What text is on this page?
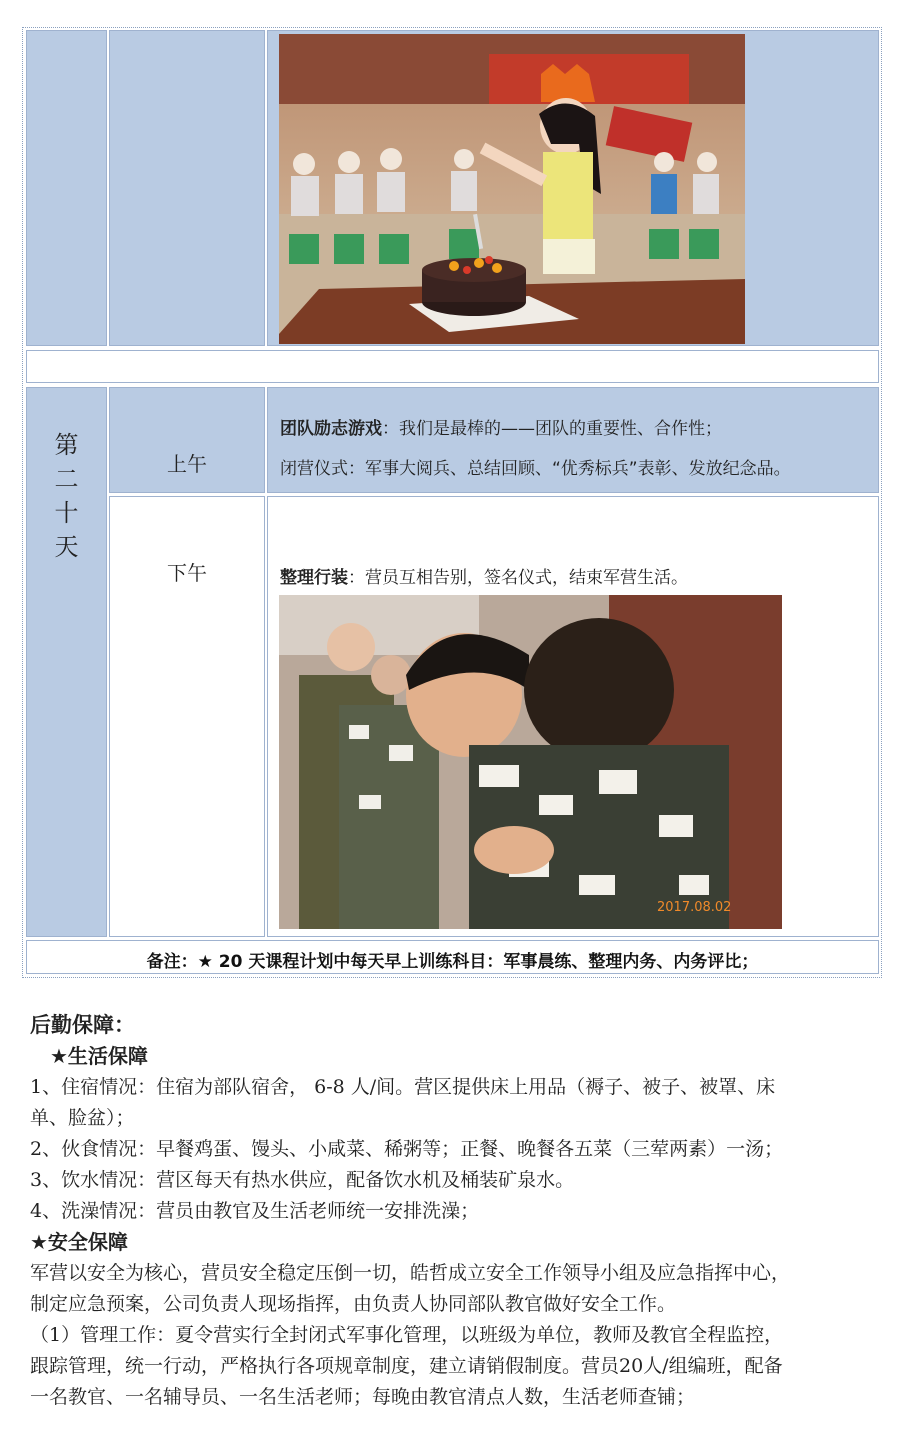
第
二
十
天
上午
团队励志游戏：我们是最棒的——团队的重要性、合作性；
闭营仪式：军事大阅兵、总结回顾、“优秀标兵”表彰、发放纪念品。
下午	整理行装：营员互相告别，签名仪式，结束军营生活。
2017.08.02
备注：★ 20 天课程计划中每天早上训练科目：军事晨练、整理内务、内务评比；
后勤保障：
★生活保障
1、住宿情况：住宿为部队宿舍， 6-8 人/间。营区提供床上用品（褥子、被子、被罩、床
单、脸盆）；
2、伙食情况：早餐鸡蛋、馒头、小咸菜、稀粥等；正餐、晚餐各五菜（三荤两素）一汤；
3、饮水情况：营区每天有热水供应，配备饮水机及桶装矿泉水。
4、洗澡情况：营员由教官及生活老师统一安排洗澡；
★安全保障
军营以安全为核心，营员安全稳定压倒一切，皓哲成立安全工作领导小组及应急指挥中心，
制定应急预案，公司负责人现场指挥，由负责人协同部队教官做好安全工作。
（1）管理工作：夏令营实行全封闭式军事化管理，以班级为单位，教师及教官全程监控，
跟踪管理，统一行动，严格执行各项规章制度，建立请销假制度。营员20人/组编班，配备
一名教官、一名辅导员、一名生活老师；每晚由教官清点人数，生活老师查铺；
